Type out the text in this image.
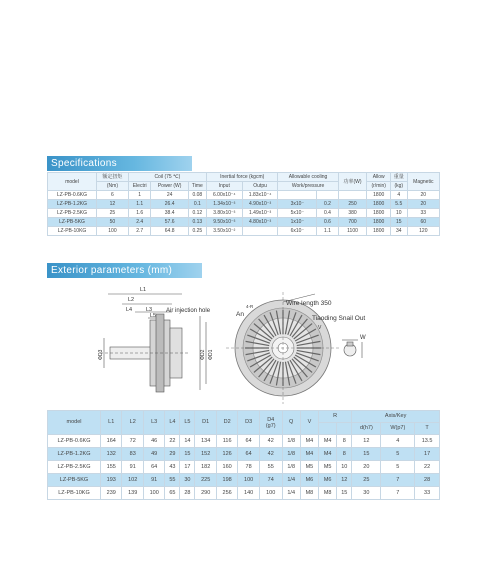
Specifications
model	额定扭矩	Coil (75 ℃)			Inertial force (kgcm)		Allowable cooling		功率(W)	Allow	重量	Magnetic
	(Nm)	Electri	Power (W)	Time	Input	Outpu	Work/pressure			(r/min)	(kg)	
LZ-PB-0.6KG	6	1	24	0.08	6.00x10⁻⁴	1.83x10⁻⁴				1800	4	20
LZ-PB-1.2KG	12	1.1	26.4	0.1	1.34x10⁻³	4.90x10⁻³	3x10⁻	0.2	250	1800	5.5	20
LZ-PB-2.5KG	25	1.6	38.4	0.12	3.80x10⁻³	1.49x10⁻³	5x10⁻	0.4	380	1800	10	33
LZ-PB-5KG	50	2.4	57.6	0.13	9.50x10⁻³	4.80x10⁻³	1x10⁻	0.6	700	1800	15	60
LZ-PB-10KG	100	2.7	64.8	0.25	3.50x10⁻²		6x10⁻	1.1	1100	1800	34	120
Exterior parameters (mm)
L1
L2
L4	L3
L5
Air injection hole
ΦD1
ΦD2
ΦD3
Wire length 350
Tiaoding Snail Out
An
4-R
W
V
model	L1	L2	L3	L4	L5	D1	D2	D3	D4
(g7)	Q	V	R		Axis/Key		
														d(h7)	W(p7)	T
LZ-PB-0.6KG	164	72	46	22	14	134	116	64	42	1/8	M4	M4	8	12	4	13.5
LZ-PB-1.2KG	132	83	49	29	15	152	126	64	42	1/8	M4	M4	8	15	5	17
LZ-PB-2.5KG	155	91	64	43	17	182	160	78	55	1/8	M5	M5	10	20	5	22
LZ-PB-5KG	193	102	91	55	30	225	198	100	74	1/4	M6	M6	12	25	7	28
LZ-PB-10KG	239	139	100	65	28	290	256	140	100	1/4	M8	M8	15	30	7	33
